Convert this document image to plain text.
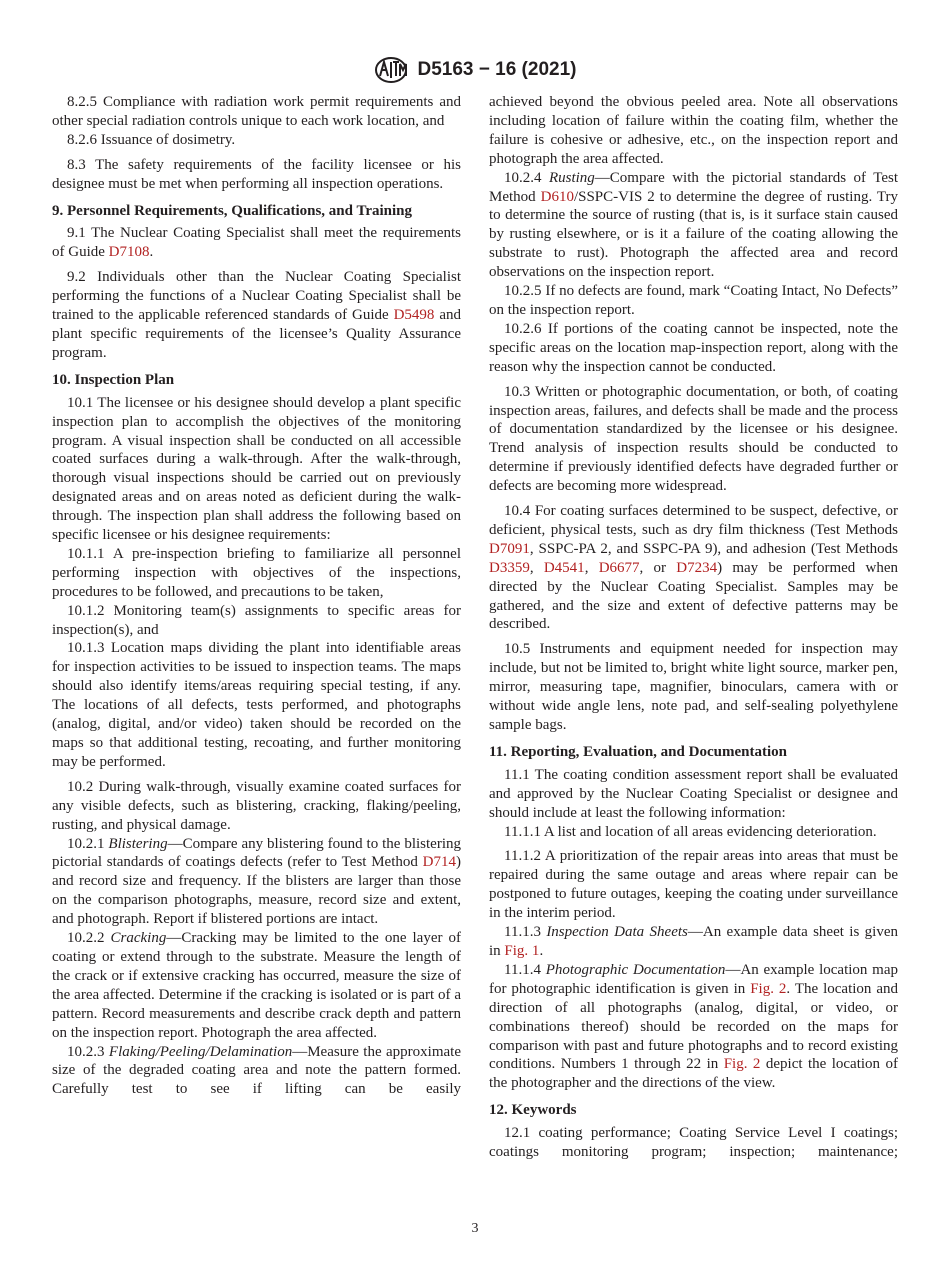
D5163 − 16 (2021)

8.2.5 Compliance with radiation work permit requirements and other special radiation controls unique to each work location, and

8.2.6 Issuance of dosimetry.

8.3 The safety requirements of the facility licensee or his designee must be met when performing all inspection operations.

9. Personnel Requirements, Qualifications, and Training

9.1 The Nuclear Coating Specialist shall meet the requirements of Guide D7108.

9.2 Individuals other than the Nuclear Coating Specialist performing the functions of a Nuclear Coating Specialist shall be trained to the applicable referenced standards of Guide D5498 and plant specific requirements of the licensee’s Quality Assurance program.

10. Inspection Plan

10.1 The licensee or his designee should develop a plant specific inspection plan to accomplish the objectives of the monitoring program. A visual inspection shall be conducted on all accessible coated surfaces during a walk-through. After the walk-through, thorough visual inspections should be carried out on previously designated areas and on areas noted as deficient during the walk-through. The inspection plan shall address the following based on specific licensee or his designee requirements:

10.1.1 A pre-inspection briefing to familiarize all personnel performing inspection with objectives of the inspections, procedures to be followed, and precautions to be taken,

10.1.2 Monitoring team(s) assignments to specific areas for inspection(s), and

10.1.3 Location maps dividing the plant into identifiable areas for inspection activities to be issued to inspection teams. The maps should also identify items/areas requiring special testing, if any. The locations of all defects, tests performed, and photographs (analog, digital, and/or video) taken should be recorded on the maps so that additional testing, recoating, and further monitoring may be performed.

10.2 During walk-through, visually examine coated surfaces for any visible defects, such as blistering, cracking, flaking/peeling, rusting, and physical damage.

10.2.1 Blistering—Compare any blistering found to the blistering pictorial standards of coatings defects (refer to Test Method D714) and record size and frequency. If the blisters are larger than those on the comparison photographs, measure, record size and extent, and photograph. Report if blistered portions are intact.

10.2.2 Cracking—Cracking may be limited to the one layer of coating or extend through to the substrate. Measure the length of the crack or if extensive cracking has occurred, measure the size of the area affected. Determine if the cracking is isolated or is part of a pattern. Record measurements and describe crack depth and pattern on the inspection report. Photograph the area affected.

10.2.3 Flaking/Peeling/Delamination—Measure the approximate size of the degraded coating area and note the pattern formed. Carefully test to see if lifting can be easily

achieved beyond the obvious peeled area. Note all observations including location of failure within the coating film, whether the failure is cohesive or adhesive, etc., on the inspection report and photograph the area affected.

10.2.4 Rusting—Compare with the pictorial standards of Test Method D610/SSPC-VIS 2 to determine the degree of rusting. Try to determine the source of rusting (that is, is it surface stain caused by rusting elsewhere, or is it a failure of the coating allowing the substrate to rust). Photograph the affected area and record observations on the inspection report.

10.2.5 If no defects are found, mark “Coating Intact, No Defects” on the inspection report.

10.2.6 If portions of the coating cannot be inspected, note the specific areas on the location map-inspection report, along with the reason why the inspection cannot be conducted.

10.3 Written or photographic documentation, or both, of coating inspection areas, failures, and defects shall be made and the process of documentation standardized by the licensee or his designee. Trend analysis of inspection results should be conducted to determine if previously identified defects have degraded further or defects are becoming more widespread.

10.4 For coating surfaces determined to be suspect, defective, or deficient, physical tests, such as dry film thickness (Test Methods D7091, SSPC-PA 2, and SSPC-PA 9), and adhesion (Test Methods D3359, D4541, D6677, or D7234) may be performed when directed by the Nuclear Coating Specialist. Samples may be gathered, and the size and extent of defective patterns may be described.

10.5 Instruments and equipment needed for inspection may include, but not be limited to, bright white light source, marker pen, mirror, measuring tape, magnifier, binoculars, camera with or without wide angle lens, note pad, and self-sealing polyethylene sample bags.

11. Reporting, Evaluation, and Documentation

11.1 The coating condition assessment report shall be evaluated and approved by the Nuclear Coating Specialist or designee and should include at least the following information:

11.1.1 A list and location of all areas evidencing deterioration.

11.1.2 A prioritization of the repair areas into areas that must be repaired during the same outage and areas where repair can be postponed to future outages, keeping the coating under surveillance in the interim period.

11.1.3 Inspection Data Sheets—An example data sheet is given in Fig. 1.

11.1.4 Photographic Documentation—An example location map for photographic identification is given in Fig. 2. The location and direction of all photographs (analog, digital, or video, or combinations thereof) should be recorded on the maps for comparison with past and future photographs and to record existing conditions. Numbers 1 through 22 in Fig. 2 depict the location of the photographer and the directions of the view.

12. Keywords

12.1 coating performance; Coating Service Level I coatings; coatings monitoring program; inspection; maintenance;

3
